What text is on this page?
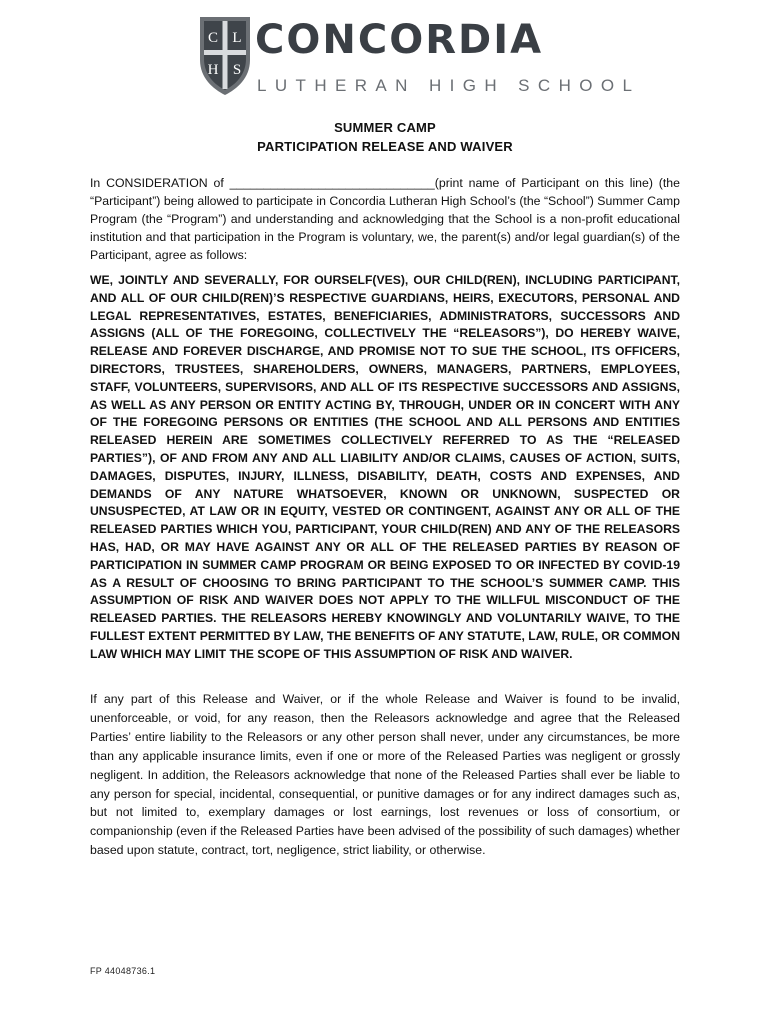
C L
H S
CONCORDIA
LUTHERAN HIGH SCHOOL
SUMMER CAMP
PARTICIPATION RELEASE AND WAIVER
In CONSIDERATION of ______________________________(print name of Participant on this line) (the “Participant”) being allowed to participate in Concordia Lutheran High School’s (the “School”) Summer Camp Program (the “Program”) and understanding and acknowledging that the School is a non-profit educational institution and that participation in the Program is voluntary, we, the parent(s) and/or legal guardian(s) of the Participant, agree as follows:
WE, JOINTLY AND SEVERALLY, FOR OURSELF(VES), OUR CHILD(REN), INCLUDING PARTICIPANT, AND ALL OF OUR CHILD(REN)’S RESPECTIVE GUARDIANS, HEIRS, EXECUTORS, PERSONAL AND LEGAL REPRESENTATIVES, ESTATES, BENEFICIARIES, ADMINISTRATORS, SUCCESSORS AND ASSIGNS (ALL OF THE FOREGOING, COLLECTIVELY THE “RELEASORS”), DO HEREBY WAIVE, RELEASE AND FOREVER DISCHARGE, AND PROMISE NOT TO SUE THE SCHOOL, ITS OFFICERS, DIRECTORS, TRUSTEES, SHAREHOLDERS, OWNERS, MANAGERS, PARTNERS, EMPLOYEES, STAFF, VOLUNTEERS, SUPERVISORS, AND ALL OF ITS RESPECTIVE SUCCESSORS AND ASSIGNS, AS WELL AS ANY PERSON OR ENTITY ACTING BY, THROUGH, UNDER OR IN CONCERT WITH ANY OF THE FOREGOING PERSONS OR ENTITIES (THE SCHOOL AND ALL PERSONS AND ENTITIES RELEASED HEREIN ARE SOMETIMES COLLECTIVELY REFERRED TO AS THE “RELEASED PARTIES”), OF AND FROM ANY AND ALL LIABILITY AND/OR CLAIMS, CAUSES OF ACTION, SUITS, DAMAGES, DISPUTES, INJURY, ILLNESS, DISABILITY, DEATH, COSTS AND EXPENSES, AND DEMANDS OF ANY NATURE WHATSOEVER, KNOWN OR UNKNOWN, SUSPECTED OR UNSUSPECTED, AT LAW OR IN EQUITY, VESTED OR CONTINGENT, AGAINST ANY OR ALL OF THE RELEASED PARTIES WHICH YOU, PARTICIPANT, YOUR CHILD(REN) AND ANY OF THE RELEASORS HAS, HAD, OR MAY HAVE AGAINST ANY OR ALL OF THE RELEASED PARTIES BY REASON OF PARTICIPATION IN SUMMER CAMP PROGRAM OR BEING EXPOSED TO OR INFECTED BY COVID-19 AS A RESULT OF CHOOSING TO BRING PARTICIPANT TO THE SCHOOL’S SUMMER CAMP. THIS ASSUMPTION OF RISK AND WAIVER DOES NOT APPLY TO THE WILLFUL MISCONDUCT OF THE RELEASED PARTIES. THE RELEASORS HEREBY KNOWINGLY AND VOLUNTARILY WAIVE, TO THE FULLEST EXTENT PERMITTED BY LAW, THE BENEFITS OF ANY STATUTE, LAW, RULE, OR COMMON LAW WHICH MAY LIMIT THE SCOPE OF THIS ASSUMPTION OF RISK AND WAIVER.
If any part of this Release and Waiver, or if the whole Release and Waiver is found to be invalid, unenforceable, or void, for any reason, then the Releasors acknowledge and agree that the Released Parties’ entire liability to the Releasors or any other person shall never, under any circumstances, be more than any applicable insurance limits, even if one or more of the Released Parties was negligent or grossly negligent. In addition, the Releasors acknowledge that none of the Released Parties shall ever be liable to any person for special, incidental, consequential, or punitive damages or for any indirect damages such as, but not limited to, exemplary damages or lost earnings, lost revenues or loss of consortium, or companionship (even if the Released Parties have been advised of the possibility of such damages) whether based upon statute, contract, tort, negligence, strict liability, or otherwise.
FP 44048736.1
